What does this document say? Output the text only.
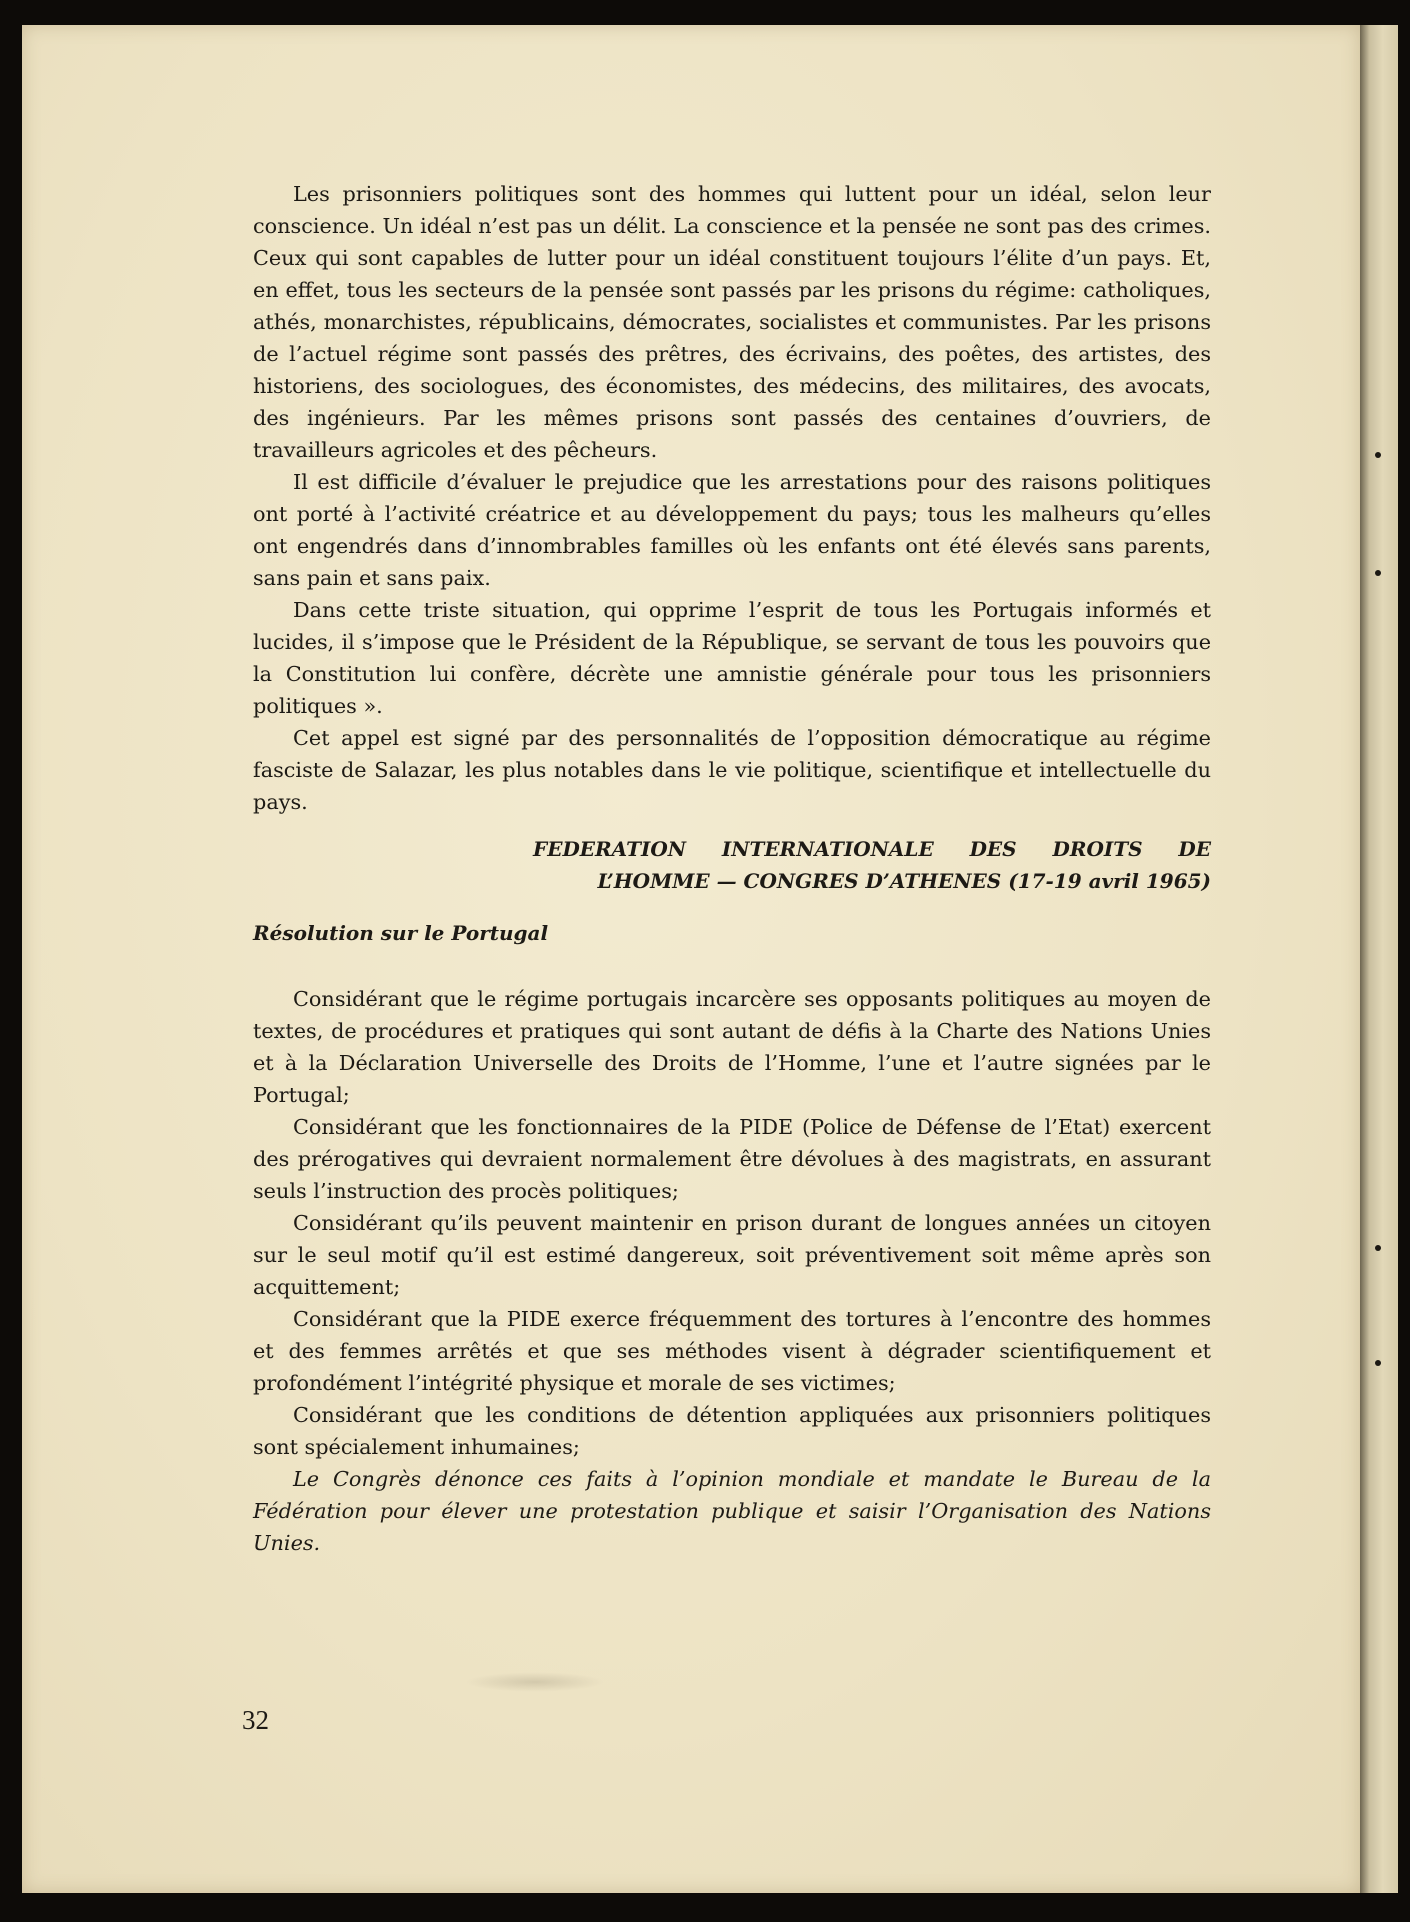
Les prisonniers politiques sont des hommes qui luttent pour un idéal, selon leur conscience. Un idéal n’est pas un délit. La conscience et la pensée ne sont pas des crimes. Ceux qui sont capables de lutter pour un idéal constituent toujours l’élite d’un pays. Et, en effet, tous les secteurs de la pensée sont passés par les prisons du régime: catholiques, athés, monarchistes, républicains, démocrates, socialistes et communistes. Par les prisons de l’actuel régime sont passés des prêtres, des écrivains, des poêtes, des artistes, des historiens, des sociologues, des économistes, des médecins, des militaires, des avocats, des ingénieurs. Par les mêmes prisons sont passés des centaines d’ouvriers, de travailleurs agricoles et des pêcheurs.

Il est difficile d’évaluer le prejudice que les arrestations pour des raisons politiques ont porté à l’activité créatrice et au développement du pays; tous les malheurs qu’elles ont engendrés dans d’innombrables familles où les enfants ont été élevés sans parents, sans pain et sans paix.

Dans cette triste situation, qui opprime l’esprit de tous les Portugais informés et lucides, il s’impose que le Président de la République, se servant de tous les pouvoirs que la Constitution lui confère, décrète une amnistie générale pour tous les prisonniers politiques ».

Cet appel est signé par des personnalités de l’opposition démocratique au régime fasciste de Salazar, les plus notables dans le vie politique, scientifique et intellectuelle du pays.

FEDERATION INTERNATIONALE DES DROITS DE L’HOMME — CONGRES D’ATHENES (17-19 avril 1965)

Résolution sur le Portugal

Considérant que le régime portugais incarcère ses opposants politiques au moyen de textes, de procédures et pratiques qui sont autant de défis à la Charte des Nations Unies et à la Déclaration Universelle des Droits de l’Homme, l’une et l’autre signées par le Portugal;

Considérant que les fonctionnaires de la PIDE (Police de Défense de l’Etat) exercent des prérogatives qui devraient normalement être dévolues à des magistrats, en assurant seuls l’instruction des procès politiques;

Considérant qu’ils peuvent maintenir en prison durant de longues années un citoyen sur le seul motif qu’il est estimé dangereux, soit préventivement soit même après son acquittement;

Considérant que la PIDE exerce fréquemment des tortures à l’encontre des hommes et des femmes arrêtés et que ses méthodes visent à dégrader scientifiquement et profondément l’intégrité physique et morale de ses victimes;

Considérant que les conditions de détention appliquées aux prisonniers politiques sont spécialement inhumaines;

Le Congrès dénonce ces faits à l’opinion mondiale et mandate le Bureau de la Fédération pour élever une protestation publique et saisir l’Organisation des Nations Unies.

32
